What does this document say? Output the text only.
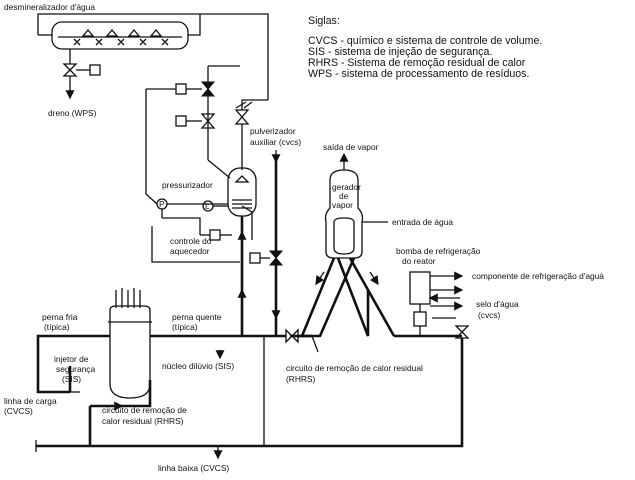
Siglas:
CVCS - químico e sistema de controle de volume.
SIS - sistema de injeção de segurança.
RHRS - Sistema de remoção residual de calor
WPS - sistema de processamento de resíduos.
desmineralizador d'água
dreno (WPS)
pulverizador
auxiliar (cvcs)
pressurizador
P	L
controle do
aquecedor
saída de vapor
gerador
de
vapor
entrada de água
bomba de refrigeração
do reator
componente de refrigeração d'aguá
selo d'água
(cvcs)
perna fria
(típica)
perna quente
(típica)
injetor de
segurança
(SIS)
núcleo dilúvio (SIS)	circuito de remoção de calor residual
(RHRS)
linha de carga
(CVCS)	circuito de remoção de
calor residual (RHRS)
linha baixa (CVCS)
